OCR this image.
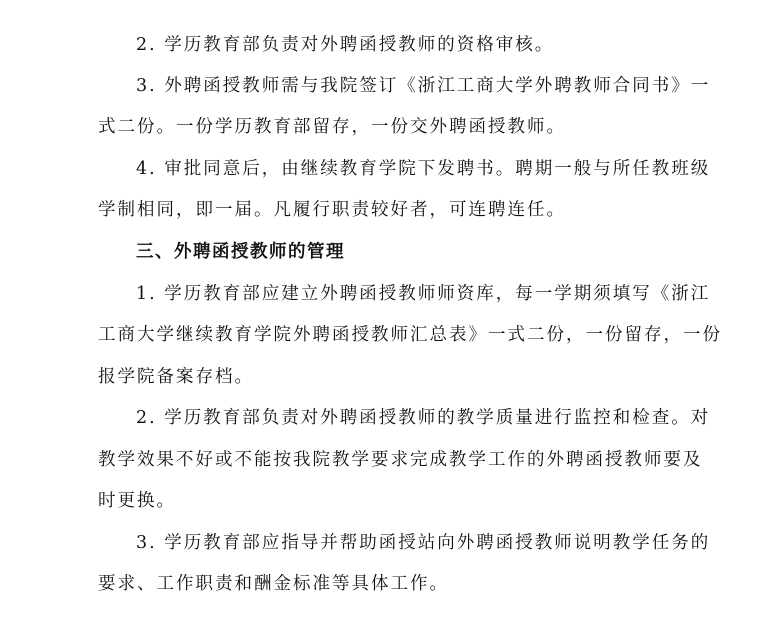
2. 学历教育部负责对外聘函授教师的资格审核。
3. 外聘函授教师需与我院签订《浙江工商大学外聘教师合同书》一
式二份。一份学历教育部留存，一份交外聘函授教师。
4. 审批同意后，由继续教育学院下发聘书。聘期一般与所任教班级
学制相同，即一届。凡履行职责较好者，可连聘连任。
三、外聘函授教师的管理
1. 学历教育部应建立外聘函授教师师资库，每一学期须填写《浙江
工商大学继续教育学院外聘函授教师汇总表》一式二份，一份留存，一份
报学院备案存档。
2. 学历教育部负责对外聘函授教师的教学质量进行监控和检查。对
教学效果不好或不能按我院教学要求完成教学工作的外聘函授教师要及
时更换。
3. 学历教育部应指导并帮助函授站向外聘函授教师说明教学任务的
要求、工作职责和酬金标准等具体工作。
